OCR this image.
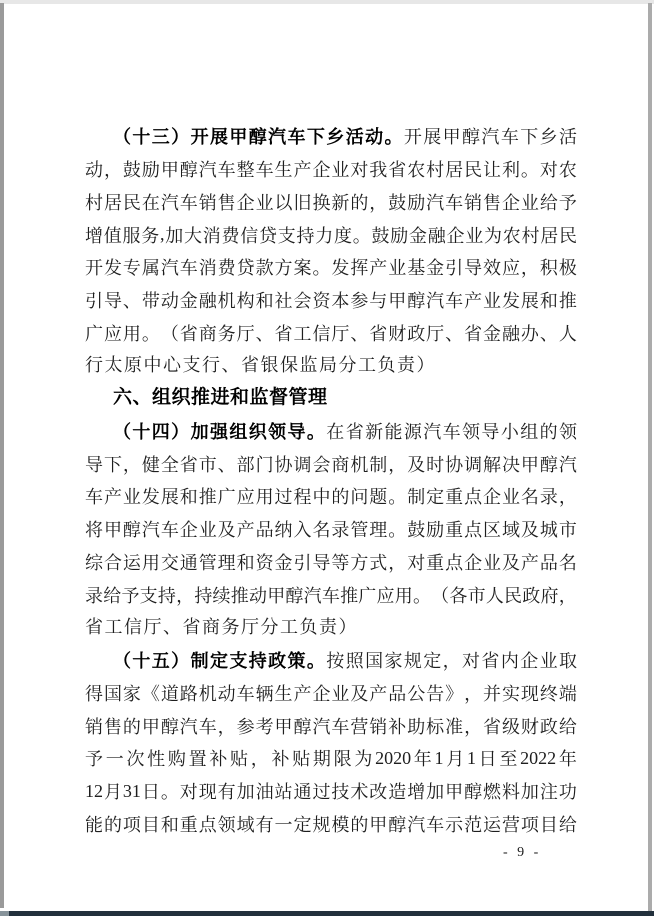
（ 十 三 ） 开 展 甲 醇 汽 车 下 乡 活 动 。 开 展 甲 醇 汽 车 下 乡 活
动 ， 鼓 励 甲 醇 汽 车 整 车 生 产 企 业 对 我 省 农 村 居 民 让 利 。 对 农
村 居 民 在 汽 车 销 售 企 业 以 旧 换 新 的 ， 鼓 励 汽 车 销 售 企 业 给 予
增 值 服 务 , 加 大 消 费 信 贷 支 持 力 度 。 鼓 励 金 融 企 业 为 农 村 居 民
开 发 专 属 汽 车 消 费 贷 款 方 案 。 发 挥 产 业 基 金 引 导 效 应 ， 积 极
引 导 、 带 动 金 融 机 构 和 社 会 资 本 参 与 甲 醇 汽 车 产 业 发 展 和 推
广 应 用 。 （ 省 商 务 厅 、 省 工 信 厅 、 省 财 政 厅 、 省 金 融 办 、 人
行太原中心支行、省银保监局分工负责）
六、组织推进和监督管理
（ 十 四 ） 加 强 组 织 领 导 。 在 省 新 能 源 汽 车 领 导 小 组 的 领
导 下 ， 健 全 省 市 、 部 门 协 调 会 商 机 制 ， 及 时 协 调 解 决 甲 醇 汽
车 产 业 发 展 和 推 广 应 用 过 程 中 的 问 题 。 制 定 重 点 企 业 名 录 ，
将 甲 醇 汽 车 企 业 及 产 品 纳 入 名 录 管 理 。 鼓 励 重 点 区 域 及 城 市
综 合 运 用 交 通 管 理 和 资 金 引 导 等 方 式 ， 对 重 点 企 业 及 产 品 名
录 给 予 支 持 ， 持 续 推 动 甲 醇 汽 车 推 广 应 用 。 （ 各 市 人 民 政 府 ，
省工信厅、省商务厅分工负责）
（ 十 五 ） 制 定 支 持 政 策 。 按 照 国 家 规 定 ， 对 省 内 企 业 取
得 国 家 《 道 路 机 动 车 辆 生 产 企 业 及 产 品 公 告 》 ， 并 实 现 终 端
销 售 的 甲 醇 汽 车 ， 参 考 甲 醇 汽 车 营 销 补 助 标 准 ， 省 级 财 政 给
予 一 次 性 购 置 补 贴 ， 补 贴 期 限 为 2020 年 1 月 1 日 至 2022 年
12 月 31 日 。 对 现 有 加 油 站 通 过 技 术 改 造 增 加 甲 醇 燃 料 加 注 功
能 的 项 目 和 重 点 领 域 有 一 定 规 模 的 甲 醇 汽 车 示 范 运 营 项 目 给
- 9 -
